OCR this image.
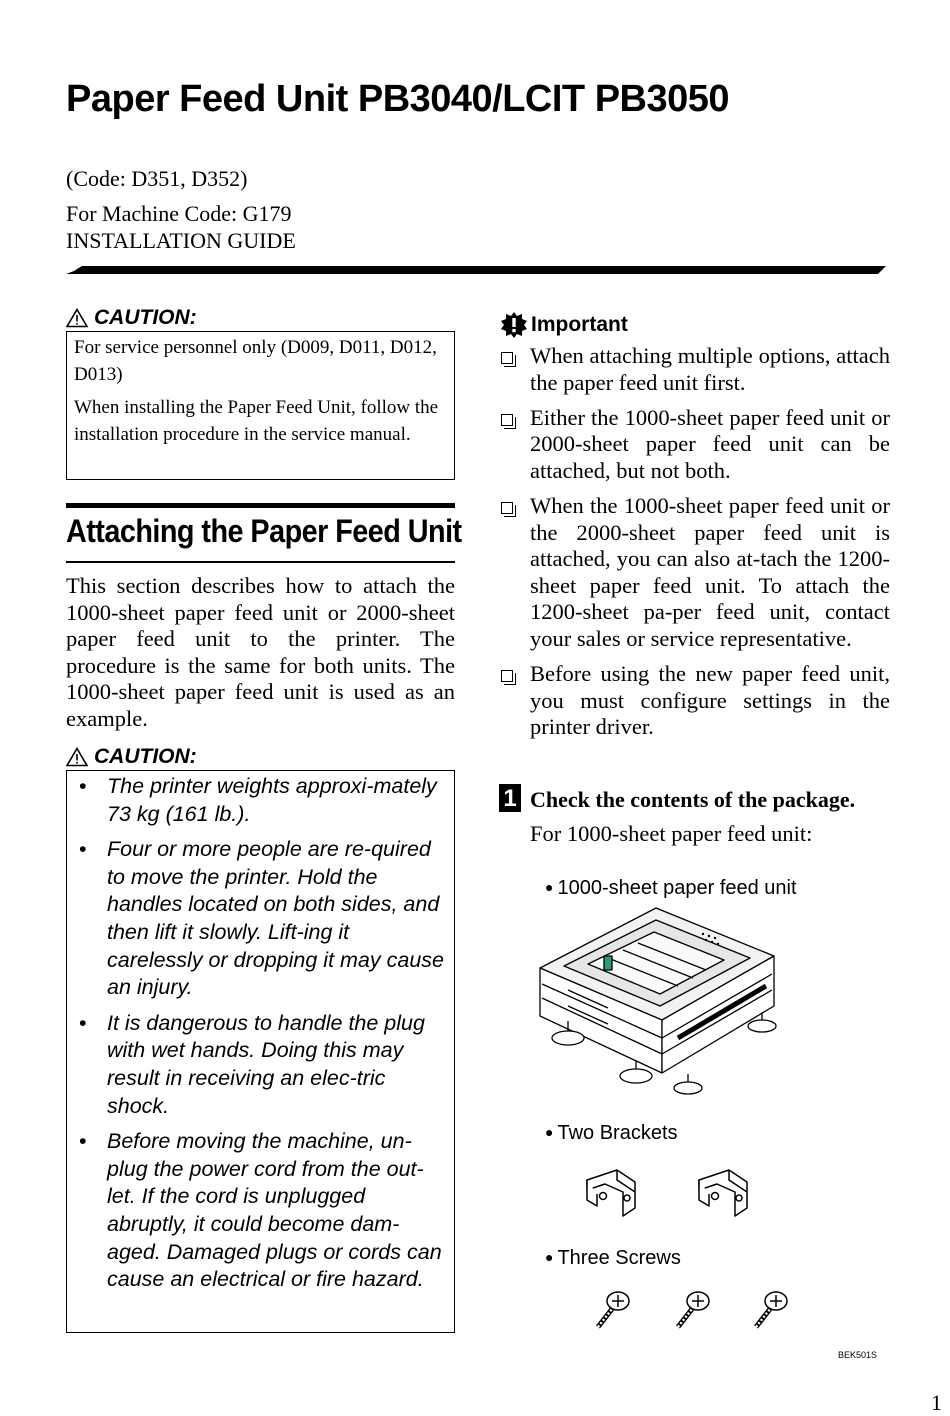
Paper Feed Unit PB3040/LCIT PB3050
(Code: D351, D352)
For Machine Code: G179
INSTALLATION GUIDE
CAUTION:

For service personnel only (D009, D011, D012, D013)

When installing the Paper Feed Unit, follow the installation procedure in the service manual.

Attaching the Paper Feed Unit

This section describes how to attach the 1000-sheet paper feed unit or 2000-sheet paper feed unit to the printer. The procedure is the same for both units. The 1000-sheet paper feed unit is used as an example.

CAUTION:
• The printer weights approxi-mately 73 kg (161 lb.).
• Four or more people are re-quired to move the printer. Hold the handles located on both sides, and then lift it slowly. Lift-ing it carelessly or dropping it may cause an injury.
• It is dangerous to handle the plug with wet hands. Doing this may result in receiving an elec-tric shock.
• Before moving the machine, un-plug the power cord from the out-let. If the cord is unplugged abruptly, it could become dam-aged. Damaged plugs or cords can cause an electrical or fire hazard.
Important
When attaching multiple options, attach the paper feed unit first.
Either the 1000-sheet paper feed unit or 2000-sheet paper feed unit can be attached, but not both.
When the 1000-sheet paper feed unit or the 2000-sheet paper feed unit is attached, you can also at-tach the 1200-sheet paper feed unit. To attach the 1200-sheet pa-per feed unit, contact your sales or service representative.
Before using the new paper feed unit, you must configure settings in the printer driver.
1 Check the contents of the package.
For 1000-sheet paper feed unit:
● 1000-sheet paper feed unit
● Two Brackets
● Three Screws
BEK501S
1
